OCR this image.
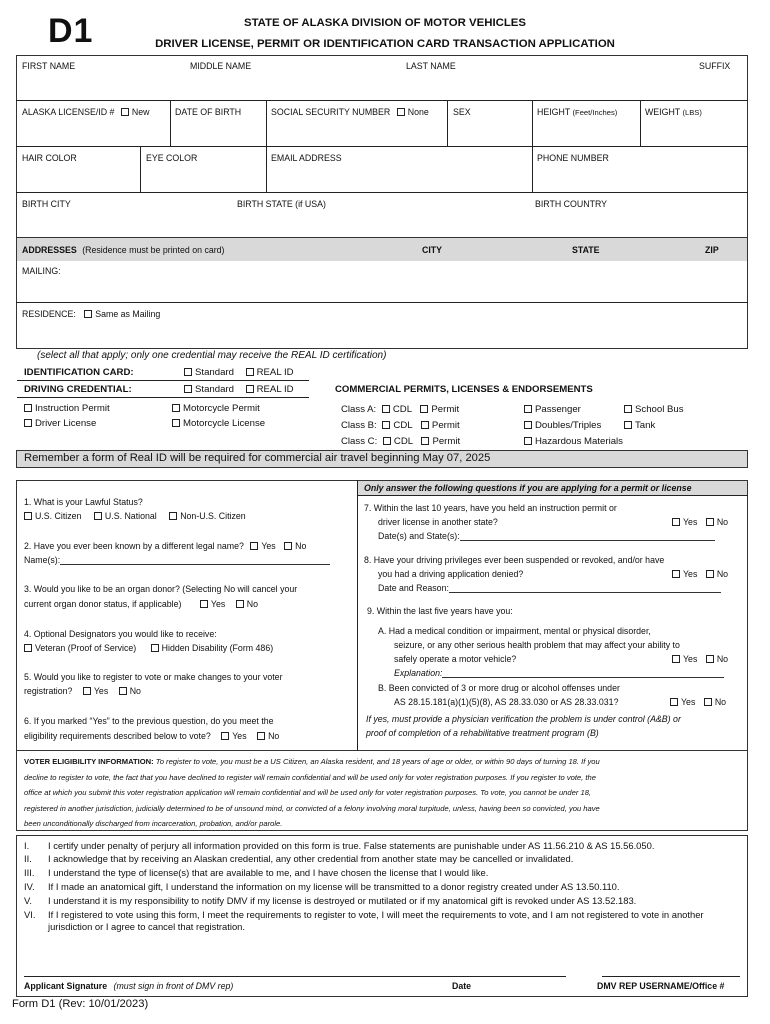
D1	STATE OF ALASKA DIVISION OF MOTOR VEHICLES
DRIVER LICENSE, PERMIT OR IDENTIFICATION CARD TRANSACTION APPLICATION
FIRST NAME	MIDDLE NAME	LAST NAME	SUFFIX
ALASKA LICENSE/ID # New	DATE OF BIRTH	SOCIAL SECURITY NUMBER None	SEX	HEIGHT (Feet/Inches)	WEIGHT (LBS)
HAIR COLOR	EYE COLOR	EMAIL ADDRESS	PHONE NUMBER
BIRTH CITY	BIRTH STATE (if USA)	BIRTH COUNTRY
ADDRESSES (Residence must be printed on card)	CITY	STATE	ZIP
MAILING:
RESIDENCE: Same as Mailing
(select all that apply; only one credential may receive the REAL ID certification)
IDENTIFICATION CARD:	Standard REAL ID
DRIVING CREDENTIAL:	Standard REAL ID	COMMERCIAL PERMITS, LICENSES & ENDORSEMENTS
Instruction Permit
Driver License
Motorcycle Permit
Motorcycle License
Class A: CDL Permit
Class B: CDL Permit
Class C: CDL Permit
Passenger
Doubles/Triples
Hazardous Materials
School Bus
Tank
Remember a form of Real ID will be required for commercial air travel beginning May 07, 2025
Only answer the following questions if you are applying for a permit or license
1. What is your Lawful Status?
U.S. Citizen	U.S. National	Non-U.S. Citizen
2. Have you ever been known by a different legal name? Yes No
Name(s):
3. Would you like to be an organ donor? (Selecting No will cancel your
current organ donor status, if applicable)	Yes No
4. Optional Designators you would like to receive:
Veteran (Proof of Service)	Hidden Disability (Form 486)
5. Would you like to register to vote or make changes to your voter
registration? Yes No
6. If you marked “Yes” to the previous question, do you meet the
eligibility requirements described below to vote? Yes No
7. Within the last 10 years, have you held an instruction permit or
driver license in another state?	Yes No
Date(s) and State(s):
8. Have your driving privileges ever been suspended or revoked, and/or have
you had a driving application denied?	Yes No
Date and Reason:
9. Within the last five years have you:
A. Had a medical condition or impairment, mental or physical disorder,
seizure, or any other serious health problem that may affect your ability to
safely operate a motor vehicle?	Yes No
Explanation:
B. Been convicted of 3 or more drug or alcohol offenses under
AS 28.15.181(a)(1)(5)(8), AS 28.33.030 or AS 28.33.031?	Yes No
If yes, must provide a physician verification the problem is under control (A&B) or
proof of completion of a rehabilitative treatment program (B)
VOTER ELIGIBILITY INFORMATION: To register to vote, you must be a US Citizen, an Alaska resident, and 18 years of age or older, or within 90 days of turning 18. If you
decline to register to vote, the fact that you have declined to register will remain confidential and will be used only for voter registration purposes. If you register to vote, the
office at which you submit this voter registration application will remain confidential and will be used only for voter registration purposes. To vote, you cannot be under 18,
registered in another jurisdiction, judicially determined to be of unsound mind, or convicted of a felony involving moral turpitude, unless, having been so convicted, you have
been unconditionally discharged from incarceration, probation, and/or parole.
I.	I certify under penalty of perjury all information provided on this form is true. False statements are punishable under AS 11.56.210 & AS 15.56.050.
II.	I acknowledge that by receiving an Alaskan credential, any other credential from another state may be cancelled or invalidated.
III.	I understand the type of license(s) that are available to me, and I have chosen the license that I would like.
IV.	If I made an anatomical gift, I understand the information on my license will be transmitted to a donor registry created under AS 13.50.110.
V.	I understand it is my responsibility to notify DMV if my license is destroyed or mutilated or if my anatomical gift is revoked under AS 13.52.183.
VI.	If I registered to vote using this form, I meet the requirements to register to vote, I will meet the requirements to vote, and I am not registered to vote in another jurisdiction or I agree to cancel that registration.
Applicant Signature (must sign in front of DMV rep)	Date	DMV REP USERNAME/Office #
Form D1 (Rev: 10/01/2023)
